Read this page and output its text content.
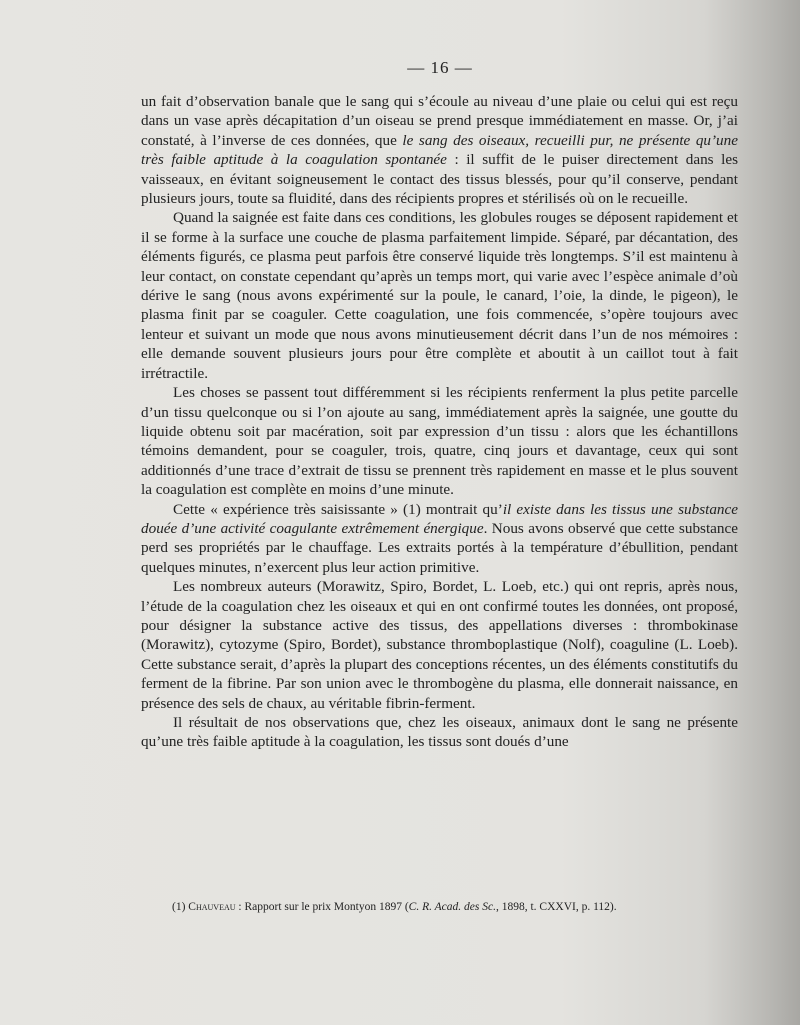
— 16 —

un fait d’observation banale que le sang qui s’écoule au niveau d’une plaie ou celui qui est reçu dans un vase après décapitation d’un oiseau se prend presque immédiatement en masse. Or, j’ai constaté, à l’inverse de ces données, que le sang des oiseaux, recueilli pur, ne présente qu’une très faible aptitude à la coagulation spontanée : il suffit de le puiser directement dans les vaisseaux, en évitant soigneusement le contact des tissus blessés, pour qu’il conserve, pendant plusieurs jours, toute sa fluidité, dans des récipients propres et stérilisés où on le recueille.

Quand la saignée est faite dans ces conditions, les globules rouges se déposent rapidement et il se forme à la surface une couche de plasma parfaitement limpide. Séparé, par décantation, des éléments figurés, ce plasma peut parfois être conservé liquide très longtemps. S’il est maintenu à leur contact, on constate cependant qu’après un temps mort, qui varie avec l’espèce animale d’où dérive le sang (nous avons expérimenté sur la poule, le canard, l’oie, la dinde, le pigeon), le plasma finit par se coaguler. Cette coagulation, une fois commencée, s’opère toujours avec lenteur et suivant un mode que nous avons minutieusement décrit dans l’un de nos mémoires : elle demande souvent plusieurs jours pour être complète et aboutit à un caillot tout à fait irrétractile.

Les choses se passent tout différemment si les récipients renferment la plus petite parcelle d’un tissu quelconque ou si l’on ajoute au sang, immédiatement après la saignée, une goutte du liquide obtenu soit par macération, soit par expression d’un tissu : alors que les échantillons témoins demandent, pour se coaguler, trois, quatre, cinq jours et davantage, ceux qui sont additionnés d’une trace d’extrait de tissu se prennent très rapidement en masse et le plus souvent la coagulation est complète en moins d’une minute.

Cette « expérience très saisissante » (1) montrait qu’il existe dans les tissus une substance douée d’une activité coagulante extrêmement énergique. Nous avons observé que cette substance perd ses propriétés par le chauffage. Les extraits portés à la température d’ébullition, pendant quelques minutes, n’exercent plus leur action primitive.

Les nombreux auteurs (Morawitz, Spiro, Bordet, L. Loeb, etc.) qui ont repris, après nous, l’étude de la coagulation chez les oiseaux et qui en ont confirmé toutes les données, ont proposé, pour désigner la substance active des tissus, des appellations diverses : thrombokinase (Morawitz), cytozyme (Spiro, Bordet), substance thromboplastique (Nolf), coaguline (L. Loeb). Cette substance serait, d’après la plupart des conceptions récentes, un des éléments constitutifs du ferment de la fibrine. Par son union avec le thrombogène du plasma, elle donnerait naissance, en présence des sels de chaux, au véritable fibrin-ferment.

Il résultait de nos observations que, chez les oiseaux, animaux dont le sang ne présente qu’une très faible aptitude à la coagulation, les tissus sont doués d’une

(1) Chauveau : Rapport sur le prix Montyon 1897 (C. R. Acad. des Sc., 1898, t. CXXVI, p. 112).
